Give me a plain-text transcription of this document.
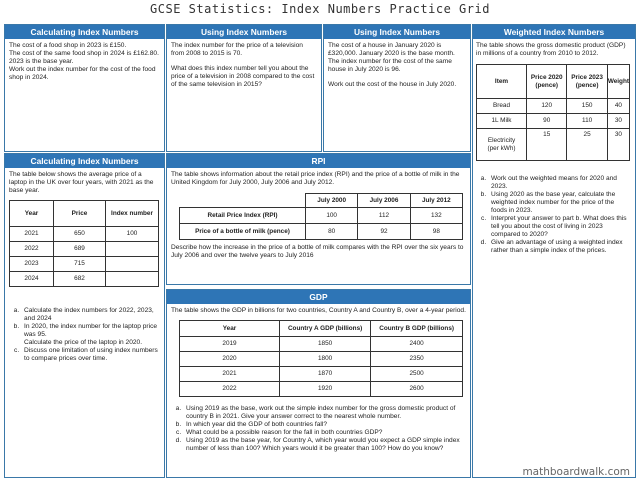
GCSE Statistics: Index Numbers Practice Grid
Calculating Index Numbers

The cost of a food shop in 2023 is £150.

The cost of the same food shop in 2024 is £162.80.

2023 is the base year.

Work out the index number for the cost of the food shop in 2024.

Using Index Numbers

The index number for the price of a television from 2008 to 2015 is 70.

What does this index number tell you about the price of a television in 2008 compared to the cost of the same television in 2015?

Using Index Numbers

The cost of a house in January 2020 is £320,000. January 2020 is the base month.

The index number for the cost of the same house in July 2020 is 96.

Work out the cost of the house in July 2020.

Weighted Index Numbers

The table shows the gross domestic product (GDP) in millions of a country from 2010 to 2012.

Item	Price 2020 (pence)	Price 2023 (pence)	Weight
Bread	120	150	40
1L Milk	90	110	30
Electricity (per kWh)	15	25	30
a. Work out the weighted means for 2020 and 2023.
b. Using 2020 as the base year, calculate the weighted index number for the price of the foods in 2023.
c. Interpret your answer to part b. What does this tell you about the cost of living in 2023 compared to 2020?
d. Give an advantage of using a weighted index rather than a simple index of the prices.
Calculating Index Numbers

The table below shows the average price of a laptop in the UK over four years, with 2021 as the base year.

Year	Price	Index number
2021	650	100
2022	689	
2023	715	
2024	682	
a. Calculate the index numbers for 2022, 2023, and 2024
b. In 2020, the index number for the laptop price was 95.
Calculate the price of the laptop in 2020.
c. Discuss one limitation of using index numbers to compare prices over time.
RPI

The table shows information about the retail price index (RPI) and the price of a bottle of milk in the United Kingdom for July 2000, July 2006 and July 2012.

	July 2000	July 2006	July 2012
Retail Price Index (RPI)	100	112	132
Price of a bottle of milk (pence)	80	92	98

Describe how the increase in the price of a bottle of milk compares with the RPI over the six years to July 2006 and over the twelve years to July 2016

GDP

The table shows the GDP in billions for two countries, Country A and Country B, over a 4-year period.

Year	Country A GDP (billions)	Country B GDP (billions)
2019	1850	2400
2020	1800	2350
2021	1870	2500
2022	1920	2600
a. Using 2019 as the base, work out the simple index number for the gross domestic product of country B in 2021. Give your answer correct to the nearest whole number.
b. In which year did the GDP of both countries fall?
c. What could be a possible reason for the fall in both countries GDP?
d. Using 2019 as the base year, for Country A, which year would you expect a GDP simple index number of less than 100? Which years would it be greater than 100? How do you know?
mathboardwalk.com
